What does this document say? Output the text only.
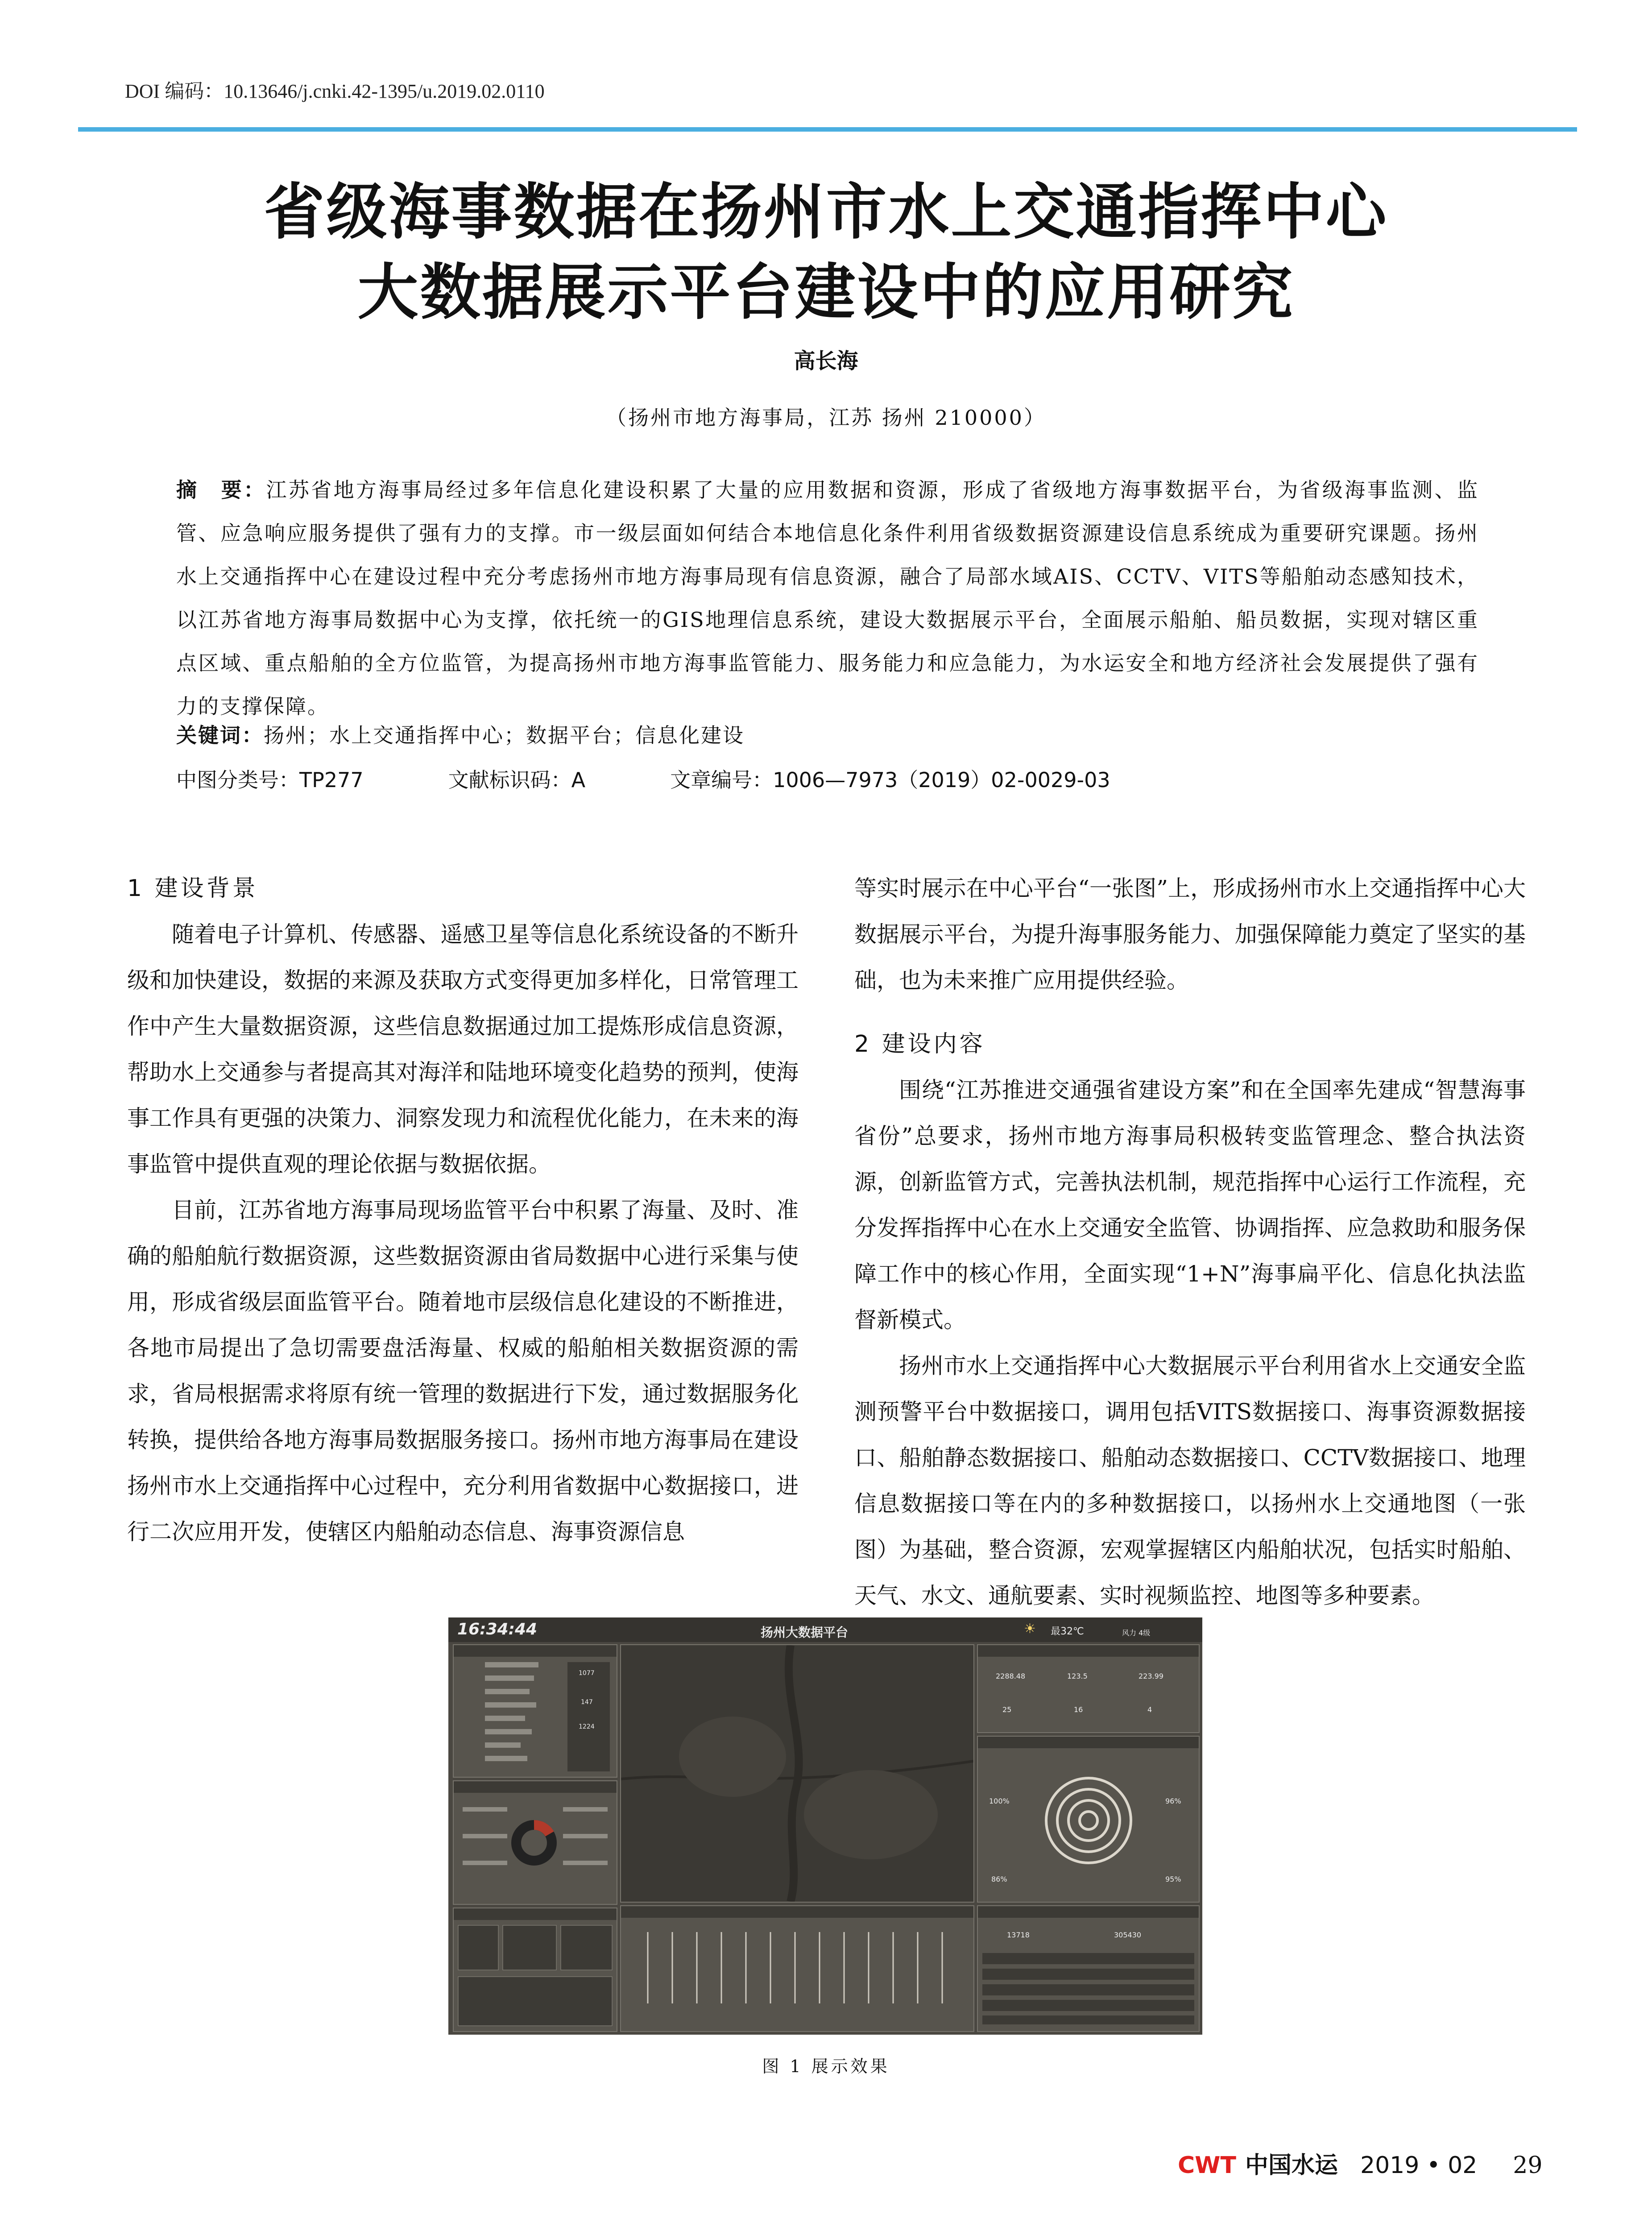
DOI 编码：10.13646/j.cnki.42-1395/u.2019.02.0110
省级海事数据在扬州市水上交通指挥中心
大数据展示平台建设中的应用研究
高长海
（扬州市地方海事局，江苏 扬州 210000）
摘　要：江苏省地方海事局经过多年信息化建设积累了大量的应用数据和资源，形成了省级地方海事数据平台，为省级海事监测、监管、应急响应服务提供了强有力的支撑。市一级层面如何结合本地信息化条件利用省级数据资源建设信息系统成为重要研究课题。扬州水上交通指挥中心在建设过程中充分考虑扬州市地方海事局现有信息资源，融合了局部水域AIS、CCTV、VITS等船舶动态感知技术，以江苏省地方海事局数据中心为支撑，依托统一的GIS地理信息系统，建设大数据展示平台，全面展示船舶、船员数据，实现对辖区重点区域、重点船舶的全方位监管，为提高扬州市地方海事监管能力、服务能力和应急能力，为水运安全和地方经济社会发展提供了强有力的支撑保障。
关键词：扬州；水上交通指挥中心；数据平台；信息化建设
中图分类号：TP277	文献标识码：A	文章编号：1006—7973（2019）02-0029-03

1 建设背景

随着电子计算机、传感器、遥感卫星等信息化系统设备的不断升级和加快建设，数据的来源及获取方式变得更加多样化，日常管理工作中产生大量数据资源，这些信息数据通过加工提炼形成信息资源，帮助水上交通参与者提高其对海洋和陆地环境变化趋势的预判，使海事工作具有更强的决策力、洞察发现力和流程优化能力，在未来的海事监管中提供直观的理论依据与数据依据。

目前，江苏省地方海事局现场监管平台中积累了海量、及时、准确的船舶航行数据资源，这些数据资源由省局数据中心进行采集与使用，形成省级层面监管平台。随着地市层级信息化建设的不断推进，各地市局提出了急切需要盘活海量、权威的船舶相关数据资源的需求，省局根据需求将原有统一管理的数据进行下发，通过数据服务化转换，提供给各地方海事局数据服务接口。扬州市地方海事局在建设扬州市水上交通指挥中心过程中，充分利用省数据中心数据接口，进行二次应用开发，使辖区内船舶动态信息、海事资源信息

等实时展示在中心平台“一张图”上，形成扬州市水上交通指挥中心大数据展示平台，为提升海事服务能力、加强保障能力奠定了坚实的基础，也为未来推广应用提供经验。

2 建设内容

围绕“江苏推进交通强省建设方案”和在全国率先建成“智慧海事省份”总要求，扬州市地方海事局积极转变监管理念、整合执法资源，创新监管方式，完善执法机制，规范指挥中心运行工作流程，充分发挥指挥中心在水上交通安全监管、协调指挥、应急救助和服务保障工作中的核心作用，全面实现“1+N”海事扁平化、信息化执法监督新模式。

扬州市水上交通指挥中心大数据展示平台利用省水上交通安全监测预警平台中数据接口，调用包括VITS数据接口、海事资源数据接口、船舶静态数据接口、船舶动态数据接口、CCTV数据接口、地理信息数据接口等在内的多种数据接口，以扬州水上交通地图（一张图）为基础，整合资源，宏观掌握辖区内船舶状况，包括实时船舶、天气、水文、通航要素、实时视频监控、地图等多种要素。

16:34:44	扬州大数据平台	☀ 最32℃	风力 4级
1077
147
1224
2288.48	123.5	223.99
25	16	4
100%	96%
86%	95%
13718	305430
图 1 展示效果
CWT 中国水运 2019 • 02 29
